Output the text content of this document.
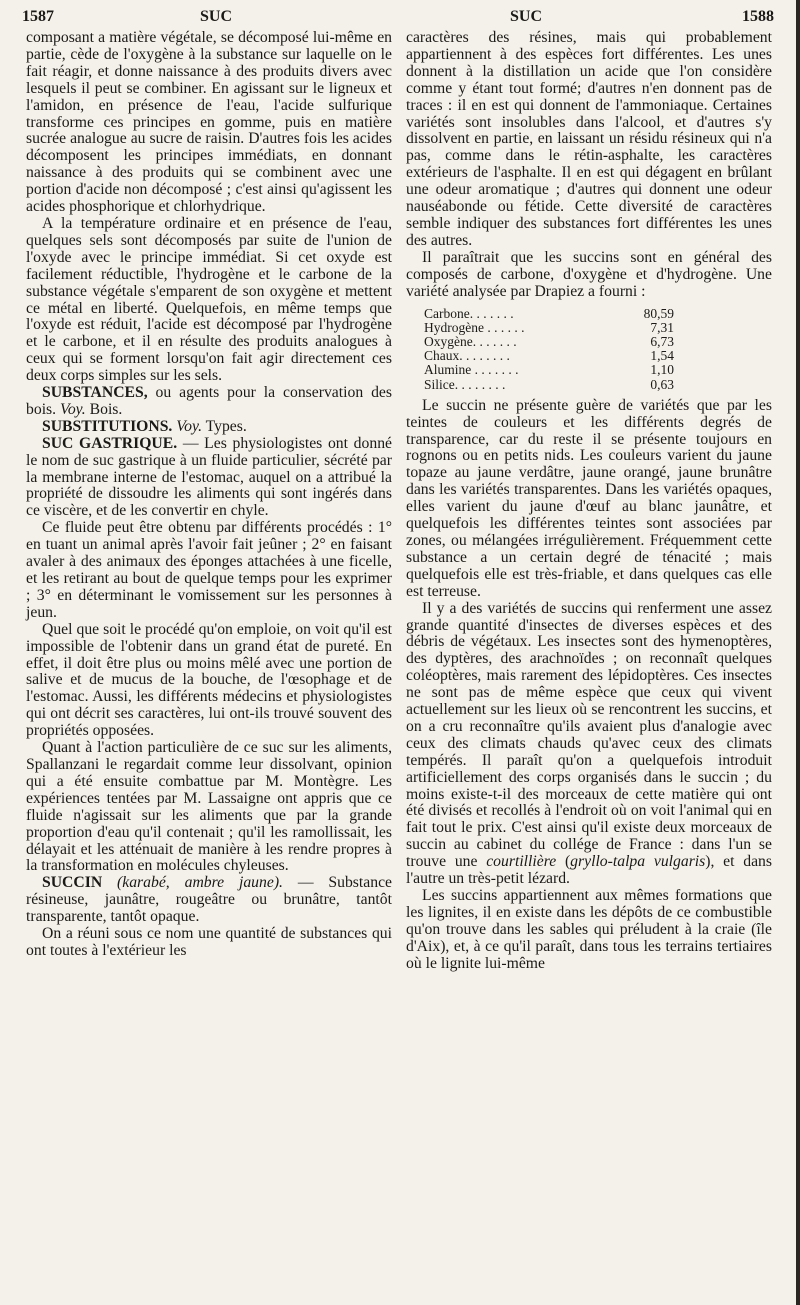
1587	SUC	SUC	1588

composant a matière végétale, se décomposé lui-même en partie, cède de l'oxygène à la substance sur laquelle on le fait réagir, et donne naissance à des produits divers avec lesquels il peut se combiner. En agissant sur le ligneux et l'amidon, en présence de l'eau, l'acide sulfurique transforme ces principes en gomme, puis en matière sucrée analogue au sucre de raisin. D'autres fois les acides décomposent les principes immédiats, en donnant naissance à des produits qui se combinent avec une portion d'acide non décomposé ; c'est ainsi qu'agissent les acides phosphorique et chlorhydrique.

A la température ordinaire et en présence de l'eau, quelques sels sont décomposés par suite de l'union de l'oxyde avec le principe immédiat. Si cet oxyde est facilement réductible, l'hydrogène et le carbone de la substance végétale s'emparent de son oxygène et mettent ce métal en liberté. Quelquefois, en même temps que l'oxyde est réduit, l'acide est décomposé par l'hydrogène et le carbone, et il en résulte des produits analogues à ceux qui se forment lorsqu'on fait agir directement ces deux corps simples sur les sels.

SUBSTANCES, ou agents pour la conservation des bois. Voy. Bois.

SUBSTITUTIONS. Voy. Types.

SUC GASTRIQUE. — Les physiologistes ont donné le nom de suc gastrique à un fluide particulier, sécrété par la membrane interne de l'estomac, auquel on a attribué la propriété de dissoudre les aliments qui sont ingérés dans ce viscère, et de les convertir en chyle.

Ce fluide peut être obtenu par différents procédés : 1° en tuant un animal après l'avoir fait jeûner ; 2° en faisant avaler à des animaux des éponges attachées à une ficelle, et les retirant au bout de quelque temps pour les exprimer ; 3° en déterminant le vomissement sur les personnes à jeun.

Quel que soit le procédé qu'on emploie, on voit qu'il est impossible de l'obtenir dans un grand état de pureté. En effet, il doit être plus ou moins mêlé avec une portion de salive et de mucus de la bouche, de l'œsophage et de l'estomac. Aussi, les différents médecins et physiologistes qui ont décrit ses caractères, lui ont-ils trouvé souvent des propriétés opposées.

Quant à l'action particulière de ce suc sur les aliments, Spallanzani le regardait comme leur dissolvant, opinion qui a été ensuite combattue par M. Montègre. Les expériences tentées par M. Lassaigne ont appris que ce fluide n'agissait sur les aliments que par la grande proportion d'eau qu'il contenait ; qu'il les ramollissait, les délayait et les atténuait de manière à les rendre propres à la transformation en molécules chyleuses.

SUCCIN (karabé, ambre jaune). — Substance résineuse, jaunâtre, rougeâtre ou brunâtre, tantôt transparente, tantôt opaque.

On a réuni sous ce nom une quantité de substances qui ont toutes à l'extérieur les

caractères des résines, mais qui probablement appartiennent à des espèces fort différentes. Les unes donnent à la distillation un acide que l'on considère comme y étant tout formé; d'autres n'en donnent pas de traces : il en est qui donnent de l'ammoniaque. Certaines variétés sont insolubles dans l'alcool, et d'autres s'y dissolvent en partie, en laissant un résidu résineux qui n'a pas, comme dans le rétin-asphalte, les caractères extérieurs de l'asphalte. Il en est qui dégagent en brûlant une odeur aromatique ; d'autres qui donnent une odeur nauséabonde ou fétide. Cette diversité de caractères semble indiquer des substances fort différentes les unes des autres.

Il paraîtrait que les succins sont en général des composés de carbone, d'oxygène et d'hydrogène. Une variété analysée par Drapiez a fourni :

Carbone. . . . . . .	80,59
Hydrogène . . . . . .	7,31
Oxygène. . . . . . .	6,73
Chaux. . . . . . . .	1,54
Alumine . . . . . . .	1,10
Silice. . . . . . . .	0,63

Le succin ne présente guère de variétés que par les teintes de couleurs et les différents degrés de transparence, car du reste il se présente toujours en rognons ou en petits nids. Les couleurs varient du jaune topaze au jaune verdâtre, jaune orangé, jaune brunâtre dans les variétés transparentes. Dans les variétés opaques, elles varient du jaune d'œuf au blanc jaunâtre, et quelquefois les différentes teintes sont associées par zones, ou mélangées irrégulièrement. Fréquemment cette substance a un certain degré de ténacité ; mais quelquefois elle est très-friable, et dans quelques cas elle est terreuse.

Il y a des variétés de succins qui renferment une assez grande quantité d'insectes de diverses espèces et des débris de végétaux. Les insectes sont des hymenoptères, des dyptères, des arachnoïdes ; on reconnaît quelques coléoptères, mais rarement des lépidoptères. Ces insectes ne sont pas de même espèce que ceux qui vivent actuellement sur les lieux où se rencontrent les succins, et on a cru reconnaître qu'ils avaient plus d'analogie avec ceux des climats chauds qu'avec ceux des climats tempérés. Il paraît qu'on a quelquefois introduit artificiellement des corps organisés dans le succin ; du moins existe-t-il des morceaux de cette matière qui ont été divisés et recollés à l'endroit où on voit l'animal qui en fait tout le prix. C'est ainsi qu'il existe deux morceaux de succin au cabinet du collége de France : dans l'un se trouve une courtillière (gryllo-talpa vulgaris), et dans l'autre un très-petit lézard.

Les succins appartiennent aux mêmes formations que les lignites, il en existe dans les dépôts de ce combustible qu'on trouve dans les sables qui préludent à la craie (île d'Aix), et, à ce qu'il paraît, dans tous les terrains tertiaires où le lignite lui-même
